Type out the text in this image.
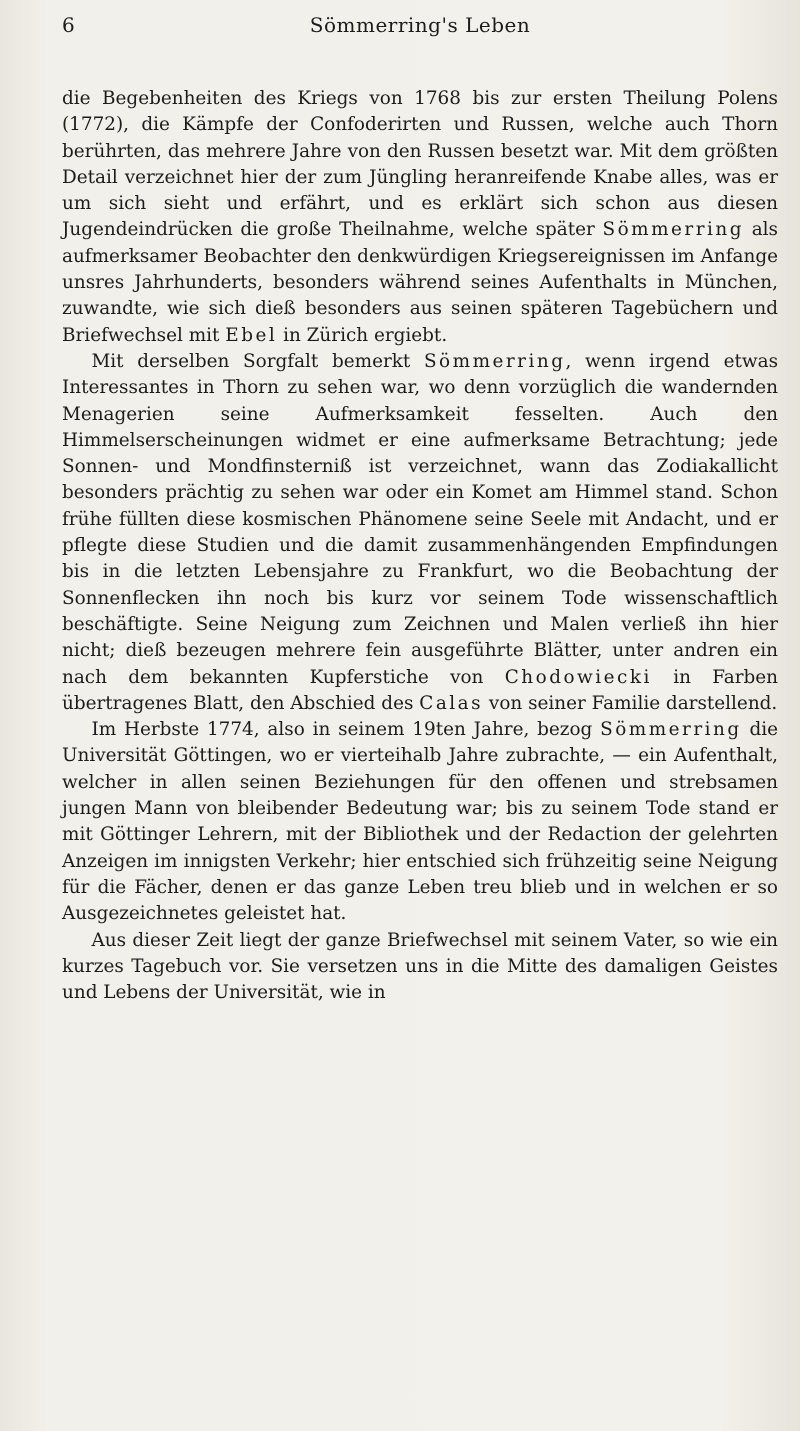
6	Sömmerring's Leben

die Begebenheiten des Kriegs von 1768 bis zur ersten Theilung Polens (1772), die Kämpfe der Confoderirten und Russen, welche auch Thorn berührten, das mehrere Jahre von den Russen besetzt war. Mit dem größten Detail verzeichnet hier der zum Jüngling heranreifende Knabe alles, was er um sich sieht und erfährt, und es erklärt sich schon aus diesen Jugendeindrücken die große Theilnahme, welche später Sömmerring als aufmerksamer Beobachter den denkwürdigen Kriegsereignissen im Anfange unsres Jahrhunderts, besonders während seines Aufenthalts in München, zuwandte, wie sich dieß besonders aus seinen späteren Tagebüchern und Briefwechsel mit Ebel in Zürich ergiebt.

Mit derselben Sorgfalt bemerkt Sömmerring, wenn irgend etwas Interessantes in Thorn zu sehen war, wo denn vorzüglich die wandernden Menagerien seine Aufmerksamkeit fesselten. Auch den Himmelserscheinungen widmet er eine aufmerksame Betrachtung; jede Sonnen- und Mondfinsterniß ist verzeichnet, wann das Zodiakallicht besonders prächtig zu sehen war oder ein Komet am Himmel stand. Schon frühe füllten diese kosmischen Phänomene seine Seele mit Andacht, und er pflegte diese Studien und die damit zusammenhängenden Empfindungen bis in die letzten Lebensjahre zu Frankfurt, wo die Beobachtung der Sonnenflecken ihn noch bis kurz vor seinem Tode wissenschaftlich beschäftigte. Seine Neigung zum Zeichnen und Malen verließ ihn hier nicht; dieß bezeugen mehrere fein ausgeführte Blätter, unter andren ein nach dem bekannten Kupferstiche von Chodowiecki in Farben übertragenes Blatt, den Abschied des Calas von seiner Familie darstellend.

Im Herbste 1774, also in seinem 19ten Jahre, bezog Sömmerring die Universität Göttingen, wo er vierteihalb Jahre zubrachte, — ein Aufenthalt, welcher in allen seinen Beziehungen für den offenen und strebsamen jungen Mann von bleibender Bedeutung war; bis zu seinem Tode stand er mit Göttinger Lehrern, mit der Bibliothek und der Redaction der gelehrten Anzeigen im innigsten Verkehr; hier entschied sich frühzeitig seine Neigung für die Fächer, denen er das ganze Leben treu blieb und in welchen er so Ausgezeichnetes geleistet hat.

Aus dieser Zeit liegt der ganze Briefwechsel mit seinem Vater, so wie ein kurzes Tagebuch vor. Sie versetzen uns in die Mitte des damaligen Geistes und Lebens der Universität, wie in
